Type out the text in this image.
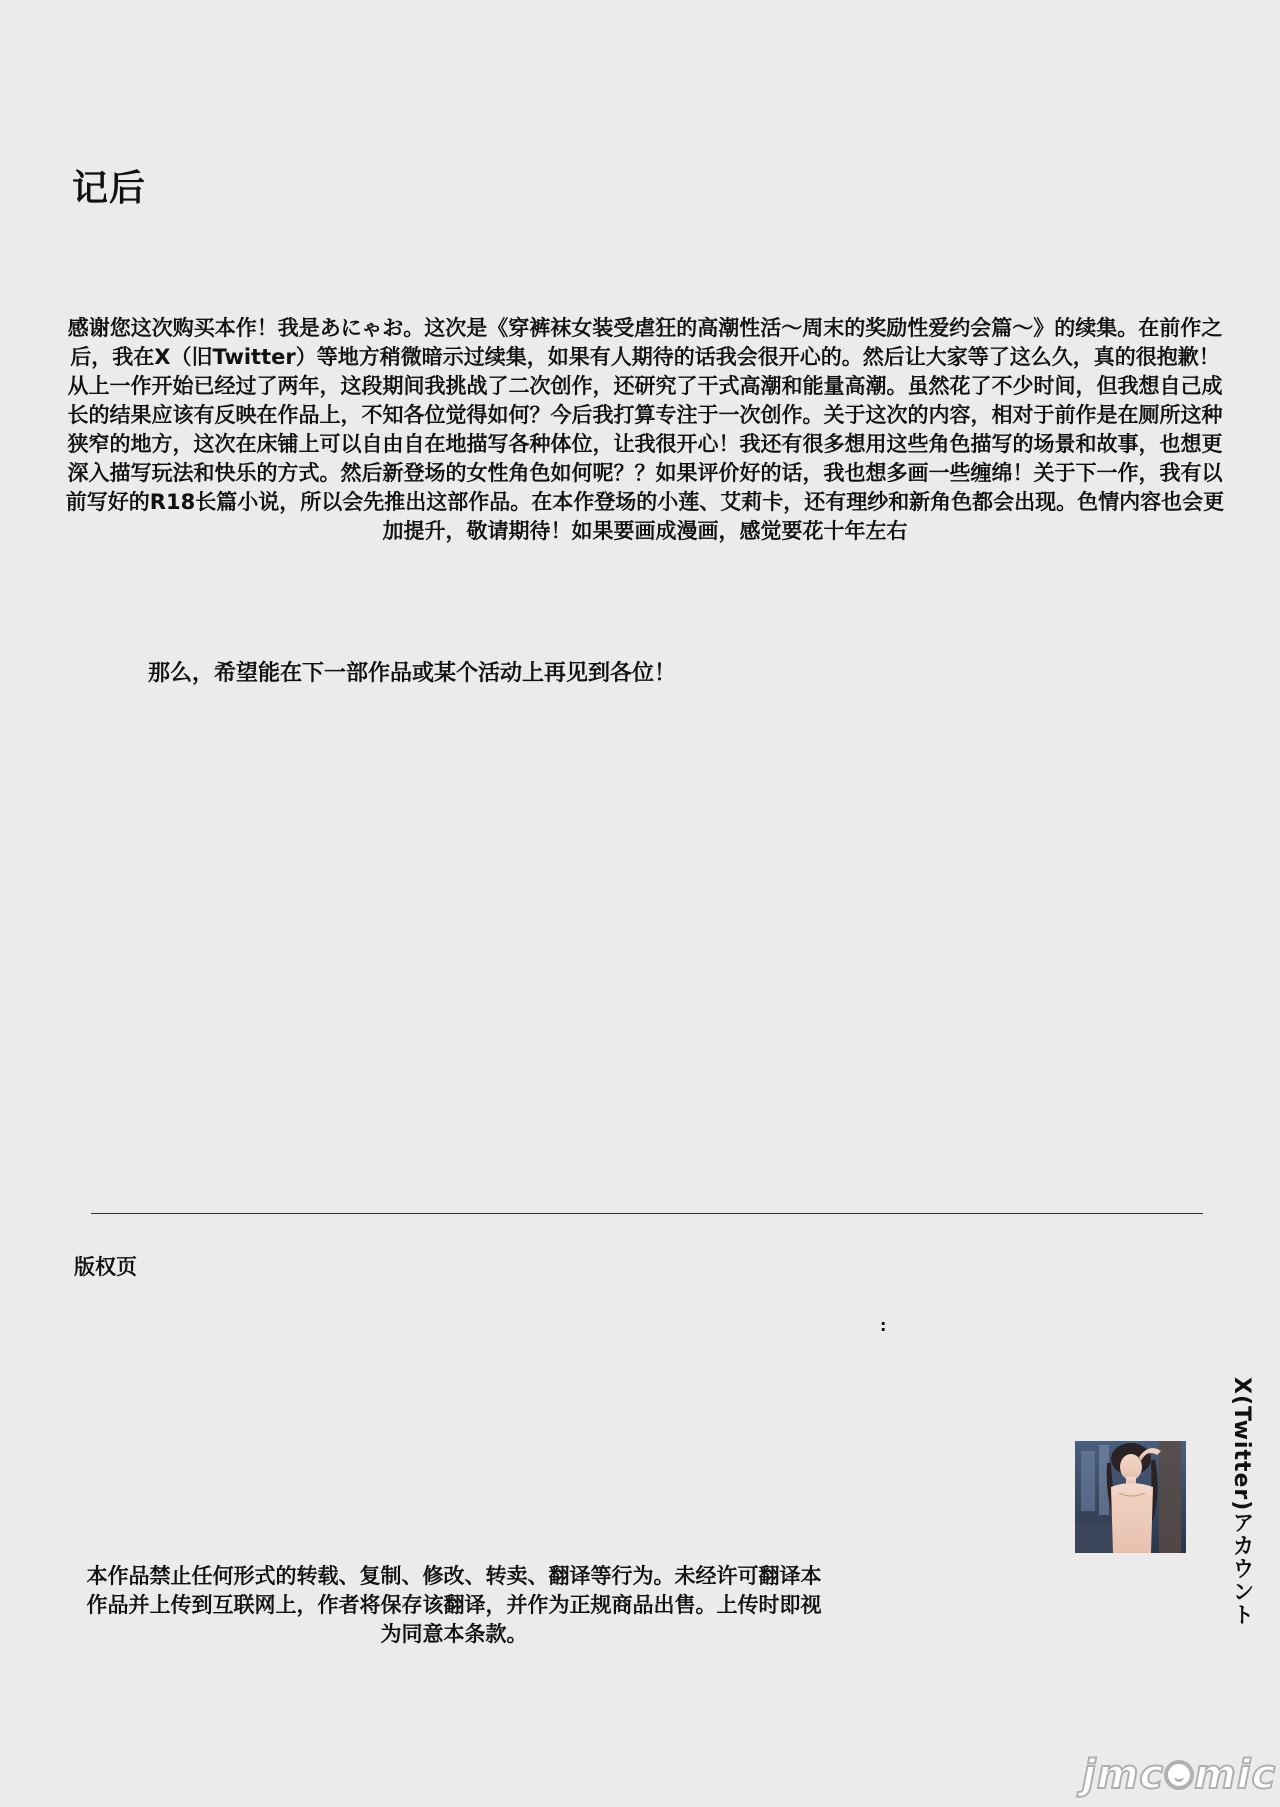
记后

感谢您这次购买本作！我是あにゃお。这次是《穿裤袜女装受虐狂的高潮性活～周末的奖励性爱约会篇～》的续集。在前作之后，我在X（旧Twitter）等地方稍微暗示过续集，如果有人期待的话我会很开心的。然后让大家等了这么久，真的很抱歉！从上一作开始已经过了两年，这段期间我挑战了二次创作，还研究了干式高潮和能量高潮。虽然花了不少时间，但我想自己成长的结果应该有反映在作品上，不知各位觉得如何？今后我打算专注于一次创作。关于这次的内容，相对于前作是在厕所这种狭窄的地方，这次在床铺上可以自由自在地描写各种体位，让我很开心！我还有很多想用这些角色描写的场景和故事，也想更深入描写玩法和快乐的方式。然后新登场的女性角色如何呢？？如果评价好的话，我也想多画一些缠绵！关于下一作，我有以前写好的R18长篇小说，所以会先推出这部作品。在本作登场的小莲、艾莉卡，还有理纱和新角色都会出现。色情内容也会更加提升，敬请期待！如果要画成漫画，感觉要花十年左右

那么，希望能在下一部作品或某个活动上再见到各位！

版权页
:
X(Twitter)アカウント

本作品禁止任何形式的转载、复制、修改、转卖、翻译等行为。未经许可翻译本作品并上传到互联网上，作者将保存该翻译，并作为正规商品出售。上传时即视为同意本条款。

jmc mic
